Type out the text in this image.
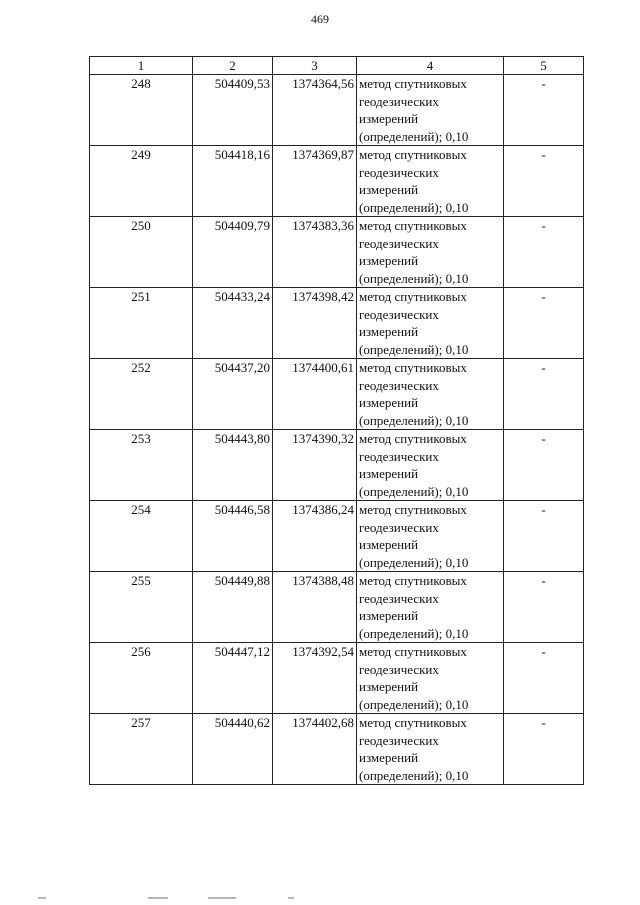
469
1	2	3	4	5
248	504409,53	1374364,56	метод спутниковых
геодезических
измерений
(определений); 0,10	-
249	504418,16	1374369,87	метод спутниковых
геодезических
измерений
(определений); 0,10	-
250	504409,79	1374383,36	метод спутниковых
геодезических
измерений
(определений); 0,10	-
251	504433,24	1374398,42	метод спутниковых
геодезических
измерений
(определений); 0,10	-
252	504437,20	1374400,61	метод спутниковых
геодезических
измерений
(определений); 0,10	-
253	504443,80	1374390,32	метод спутниковых
геодезических
измерений
(определений); 0,10	-
254	504446,58	1374386,24	метод спутниковых
геодезических
измерений
(определений); 0,10	-
255	504449,88	1374388,48	метод спутниковых
геодезических
измерений
(определений); 0,10	-
256	504447,12	1374392,54	метод спутниковых
геодезических
измерений
(определений); 0,10	-
257	504440,62	1374402,68	метод спутниковых
геодезических
измерений
(определений); 0,10	-
